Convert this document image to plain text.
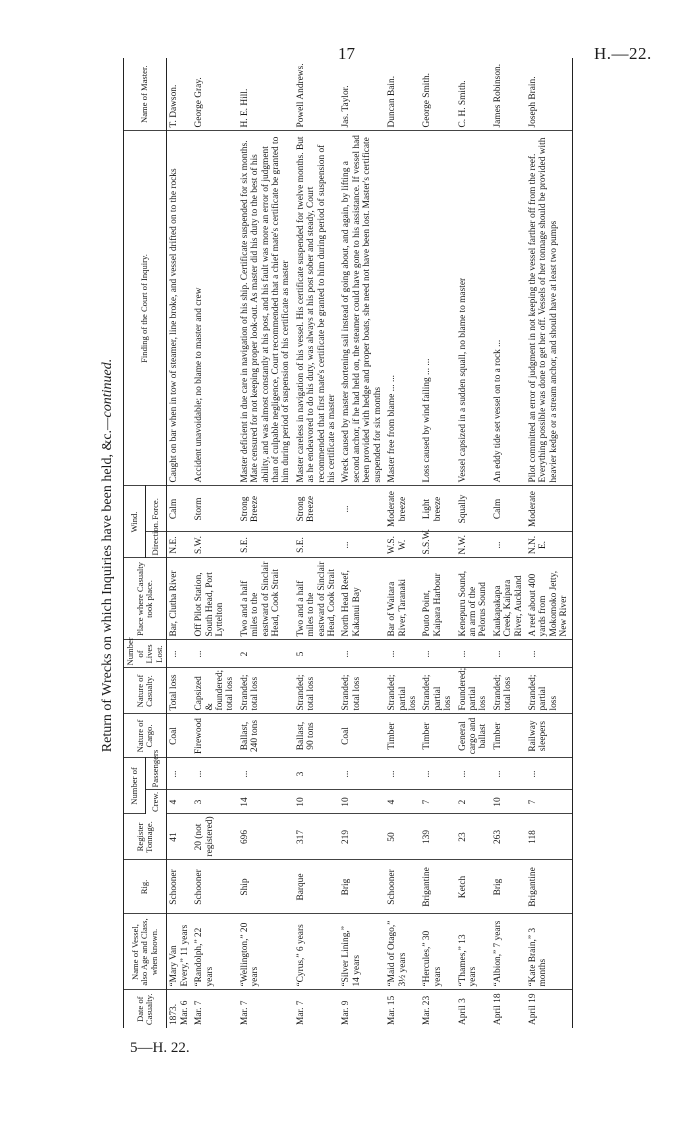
17	H.—22.
Return of Wrecks on which Inquiries have been held, &c.—continued.
Date of Casualty.	Name of Vessel, also Age and Class, when known.	Rig.	Register Tonnage.	Number of		Nature of Cargo.	Nature of Casualty.	Number of Lives Lost.	Place where Casualty took place.	Wind.		Finding of the Court of Inquiry.	Name of Master.
				Crew.	Passengers					Direction.	Force.		
1873. Mar. 6	“Mary Van Every,” 11 years	Schooner	41	4	...	Coal	Total loss	...	Bar, Clutha River	N.E.	Calm	Caught on bar when in tow of steamer, line broke, and vessel drifted on to the rocks	T. Dawson.
Mar. 7	“Randolph,” 22 years	Schooner	20 (not registered)	3	...	Firewood	Capsized & foundered; total loss	...	Off Pilot Station, South Head, Port Lyttelton	S.W.	Storm	Accident unavoidable; no blame to master and crew	George Gray.
Mar. 7	“Wellington,” 20 years	Ship	696	14	...	Ballast, 240 tons	Stranded; total loss	2	Two and a half miles to the eastward of Sinclair Head, Cook Strait	S.E.	Strong Breeze	Master deficient in due care in navigation of his ship. Certificate suspended for six months. Mate censured for not keeping proper look-out. As master did his duty to the best of his ability, and was almost constantly at his post, and his fault was more an error of judgment than of culpable negligence, Court recommended that a chief mate's certificate be granted to him during period of suspension of his certificate as master	H. E. Hill.
Mar. 7	“Cyrus,” 6 years	Barque	317	10	3	Ballast, 90 tons	Stranded; total loss	5	Two and a half miles to the eastward of Sinclair Head, Cook Strait	S.E.	Strong Breeze	Master careless in navigation of his vessel. His certificate suspended for twelve months. But as he endeavored to do his duty, was always at his post sober and steady, Court recommended that first mate's certificate be granted to him during period of suspension of his certificate as master	Powell Andrews.
Mar. 9	“Silver Lining,” 14 years	Brig	219	10	...	Coal	Stranded; total loss	...	North Head Reef, Kakanui Bay	...	...	Wreck caused by master shortening sail instead of going about, and again, by lifting a second anchor, if he had held on, the steamer could have gone to his assistance. If vessel had been provided with hedge and proper boats, she need not have been lost. Master's certificate suspended for six months	Jas. Taylor.
Mar. 15	“Maid of Otago,” 3½ years	Schooner	50	4	...	Timber	Stranded; partial loss	...	Bar of Waitara River, Taranaki	W.S. W.	Moderate breeze	Master free from blame ... ...	Duncan Bain.
Mar. 23	“Hercules,” 30 years	Brigantine	139	7	...	Timber	Stranded; partial loss	...	Pouto Point, Kaipara Harbour	S.S.W.	Light breeze	Loss caused by wind failing ... ...	George Smith.
April 3	“Thames,” 13 years	Ketch	23	2	...	General cargo and ballast	Foundered; partial loss	...	Kenepuru Sound, an arm of the Pelorus Sound	N.W.	Squally	Vessel capsized in a sudden squall, no blame to master	C. H. Smith.
April 18	“Albion,” 7 years	Brig	263	10	...	Timber	Stranded; total loss	...	Kaukapakapa Creek, Kaipara River, Auckland	...	Calm	An eddy tide set vessel on to a rock ...	James Robinson.
April 19	“Kate Brain,” 3 months	Brigantine	118	7	...	Railway sleepers	Stranded; partial loss	...	A reef about 400 yards from Mokomoko Jetty, New River	N.N. E.	Moderate	Pilot committed an error of judgment in not keeping the vessel farther off from the reef. Everything possible was done to get her off. Vessels of her tonnage should be provided with heavier kedge or a stream anchor, and should have at least two pumps	Joseph Brain.
5—H. 22.
